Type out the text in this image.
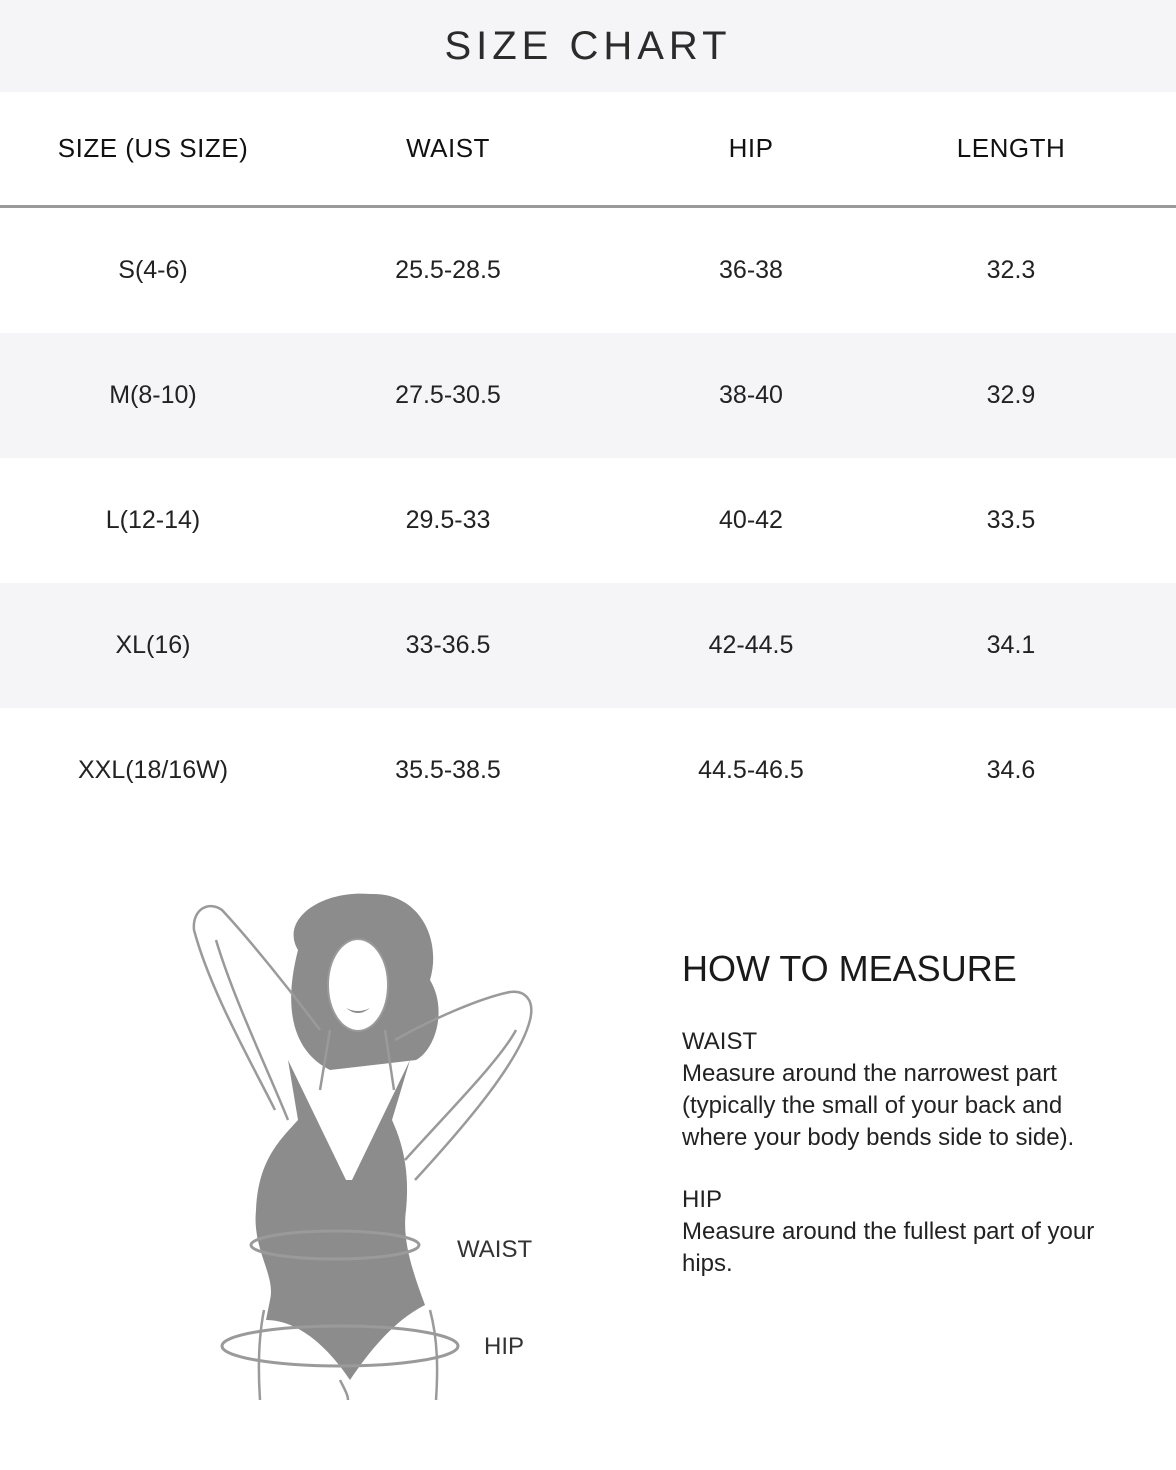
SIZE CHART
SIZE (US SIZE)	WAIST	HIP	LENGTH
S(4-6)	25.5-28.5	36-38	32.3
M(8-10)	27.5-30.5	38-40	32.9
L(12-14)	29.5-33	40-42	33.5
XL(16)	33-36.5	42-44.5	34.1
XXL(18/16W)	35.5-38.5	44.5-46.5	34.6
WAIST
HIP
HOW TO MEASURE
WAIST
Measure around the narrowest part (typically the small of your back and where your body bends side to side).
HIP
Measure around the fullest part of your hips.
